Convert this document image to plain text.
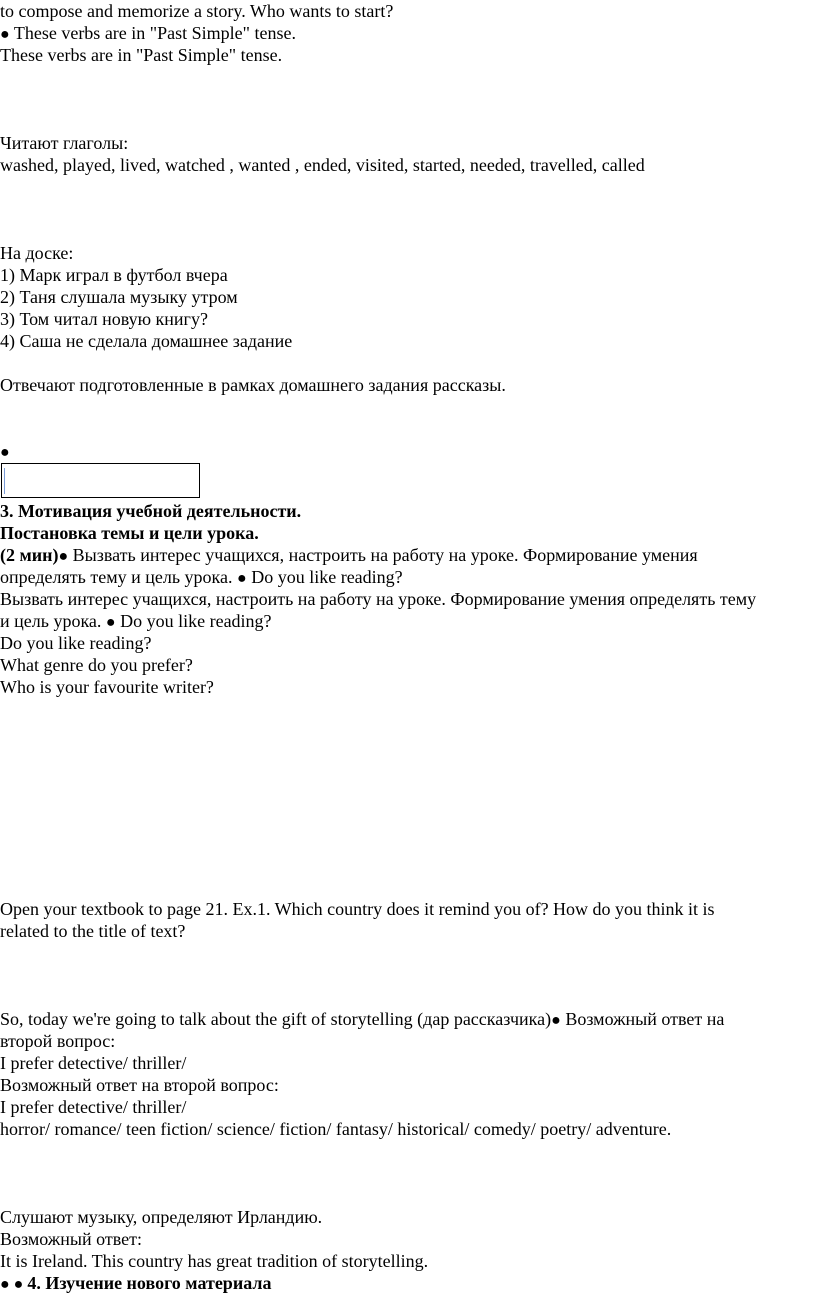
to compose and memorize a story. Who wants to start?
● These verbs are in "Past Simple" tense.
These verbs are in "Past Simple" tense.
Читают глаголы:
washed, played, lived, watched , wanted , ended, visited, started, needed, travelled, called
На доске:
1) Марк играл в футбол вчера
2) Таня слушала музыку утром
3) Том читал новую книгу?
4) Саша не сделала домашнее задание
Отвечают подготовленные в рамках домашнего задания рассказы.
●
3. Мотивация учебной деятельности.
Постановка темы и цели урока.
(2 мин)● Вызвать интерес учащихся, настроить на работу на уроке. Формирование умения
определять тему и цель урока. ● Do you like reading?
Вызвать интерес учащихся, настроить на работу на уроке. Формирование умения определять тему
и цель урока. ● Do you like reading?
Do you like reading?
What genre do you prefer?
Who is your favourite writer?
Open your textbook to page 21. Ex.1. Which country does it remind you of? How do you think it is
related to the title of text?
So, today we're going to talk about the gift of storytelling (дар рассказчика)● Возможный ответ на
второй вопрос:
I prefer detective/ thriller/
Возможный ответ на второй вопрос:
I prefer detective/ thriller/
horror/ romance/ teen fiction/ science/ fiction/ fantasy/ historical/ comedy/ poetry/ adventure.
Слушают музыку, определяют Ирландию.
Возможный ответ:
It is Ireland. This country has great tradition of storytelling.
● ● 4. Изучение нового материала
